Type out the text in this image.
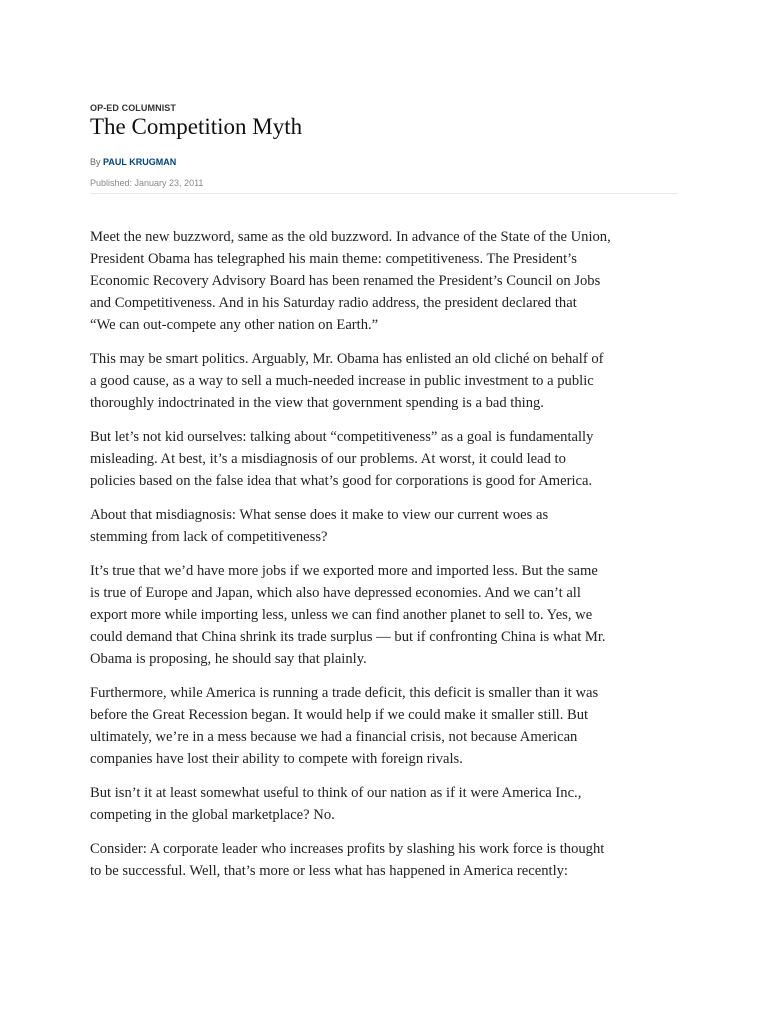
OP-ED COLUMNIST
The Competition Myth
By PAUL KRUGMAN
Published: January 23, 2011

Meet the new buzzword, same as the old buzzword. In advance of the State of the Union,
President Obama has telegraphed his main theme: competitiveness. The President’s
Economic Recovery Advisory Board has been renamed the President’s Council on Jobs
and Competitiveness. And in his Saturday radio address, the president declared that
“We can out-compete any other nation on Earth.”

This may be smart politics. Arguably, Mr. Obama has enlisted an old cliché on behalf of
a good cause, as a way to sell a much-needed increase in public investment to a public
thoroughly indoctrinated in the view that government spending is a bad thing.

But let’s not kid ourselves: talking about “competitiveness” as a goal is fundamentally
misleading. At best, it’s a misdiagnosis of our problems. At worst, it could lead to
policies based on the false idea that what’s good for corporations is good for America.

About that misdiagnosis: What sense does it make to view our current woes as
stemming from lack of competitiveness?

It’s true that we’d have more jobs if we exported more and imported less. But the same
is true of Europe and Japan, which also have depressed economies. And we can’t all
export more while importing less, unless we can find another planet to sell to. Yes, we
could demand that China shrink its trade surplus — but if confronting China is what Mr.
Obama is proposing, he should say that plainly.

Furthermore, while America is running a trade deficit, this deficit is smaller than it was
before the Great Recession began. It would help if we could make it smaller still. But
ultimately, we’re in a mess because we had a financial crisis, not because American
companies have lost their ability to compete with foreign rivals.

But isn’t it at least somewhat useful to think of our nation as if it were America Inc.,
competing in the global marketplace? No.

Consider: A corporate leader who increases profits by slashing his work force is thought
to be successful. Well, that’s more or less what has happened in America recently:
